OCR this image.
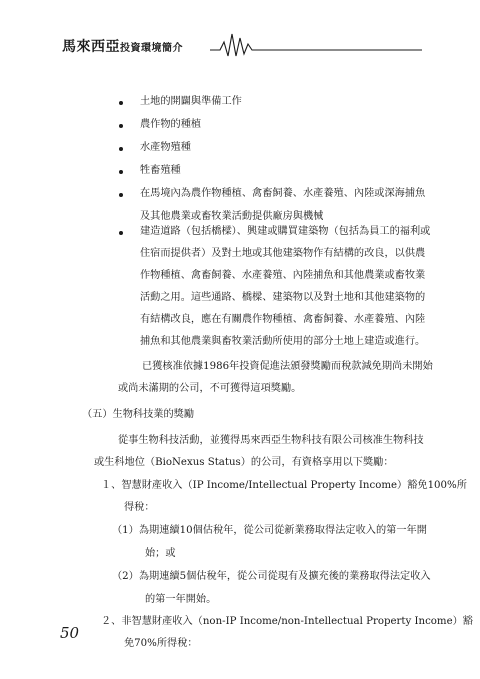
馬來西亞投資環境簡介
土地的開闢與準備工作
農作物的種植
水產物殖種
牲畜殖種
在馬境內為農作物種植、禽畜飼養、水產養殖、內陸或深海捕魚
及其他農業或畜牧業活動提供廠房與機械
建造道路（包括橋樑）、興建或購買建築物（包括為員工的福利或
住宿而提供者）及對土地或其他建築物作有結構的改良，以供農
作物種植、禽畜飼養、水產養殖、內陸捕魚和其他農業或畜牧業
活動之用。這些通路、橋樑、建築物以及對土地和其他建築物的
有結構改良，應在有關農作物種植、禽畜飼養、水產養殖、內陸
捕魚和其他農業與畜牧業活動所使用的部分土地上建造或進行。
已獲核准依據1986年投資促進法頒發獎勵而稅款減免期尚未開始
或尚未滿期的公司，不可獲得這項獎勵。
（五）生物科技業的獎勵
從事生物科技活動，並獲得馬來西亞生物科技有限公司核准生物科技
或生科地位（BioNexus Status）的公司，有資格享用以下獎勵：
１、智慧財產收入（IP Income/Intellectual Property Income）豁免100%所
得稅：
（1）為期連續10個估稅年，從公司從新業務取得法定收入的第一年開
始；或
（2）為期連續5個估稅年，從公司從現有及擴充後的業務取得法定收入
的第一年開始。
２、非智慧財產收入（non-IP Income/non-Intellectual Property Income）豁
免70%所得稅：
50
